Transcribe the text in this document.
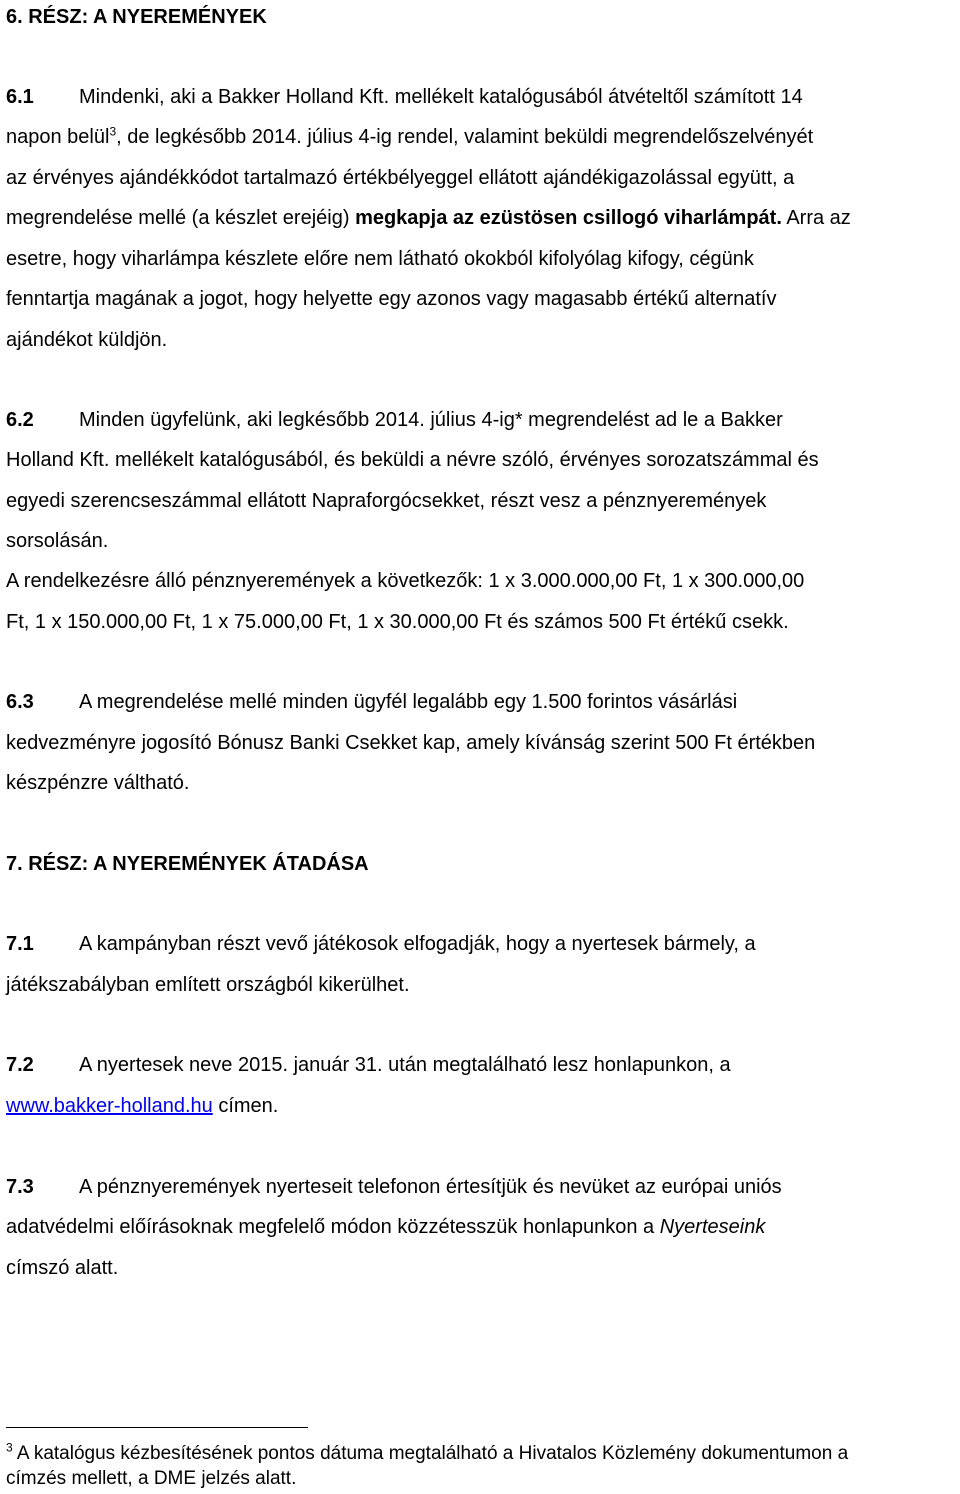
6. RÉSZ: A NYEREMÉNYEK
6.1 Mindenki, aki a Bakker Holland Kft. mellékelt katalógusából átvételtől számított 14
napon belül$^3$, de legkésőbb 2014. július 4-ig rendel, valamint beküldi megrendelőszelvényét
az érvényes ajándékkódot tartalmazó értékbélyeggel ellátott ajándékigazolással együtt, a
megrendelése mellé (a készlet erejéig) megkapja az ezüstösen csillogó viharlámpát. Arra az
esetre, hogy viharlámpa készlete előre nem látható okokból kifolyólag kifogy, cégünk
fenntartja magának a jogot, hogy helyette egy azonos vagy magasabb értékű alternatív
ajándékot küldjön.
6.2 Minden ügyfelünk, aki legkésőbb 2014. július 4-ig* megrendelést ad le a Bakker
Holland Kft. mellékelt katalógusából, és beküldi a névre szóló, érvényes sorozatszámmal és
egyedi szerencseszámmal ellátott Napraforgócsekket, részt vesz a pénznyeremények
sorsolásán.
A rendelkezésre álló pénznyeremények a következők: 1 x 3.000.000,00 Ft, 1 x 300.000,00
Ft, 1 x 150.000,00 Ft, 1 x 75.000,00 Ft, 1 x 30.000,00 Ft és számos 500 Ft értékű csekk.
6.3 A megrendelése mellé minden ügyfél legalább egy 1.500 forintos vásárlási
kedvezményre jogosító Bónusz Banki Csekket kap, amely kívánság szerint 500 Ft értékben
készpénzre váltható.
7. RÉSZ: A NYEREMÉNYEK ÁTADÁSA
7.1 A kampányban részt vevő játékosok elfogadják, hogy a nyertesek bármely, a
játékszabályban említett országból kikerülhet.
7.2 A nyertesek neve 2015. január 31. után megtalálható lesz honlapunkon, a
www.bakker-holland.hu címen.
7.3 A pénznyeremények nyerteseit telefonon értesítjük és nevüket az európai uniós
adatvédelmi előírásoknak megfelelő módon közzétesszük honlapunkon a Nyerteseink
címszó alatt.
$^3$ A katalógus kézbesítésének pontos dátuma megtalálható a Hivatalos Közlemény dokumentumon a
címzés mellett, a DME jelzés alatt.
